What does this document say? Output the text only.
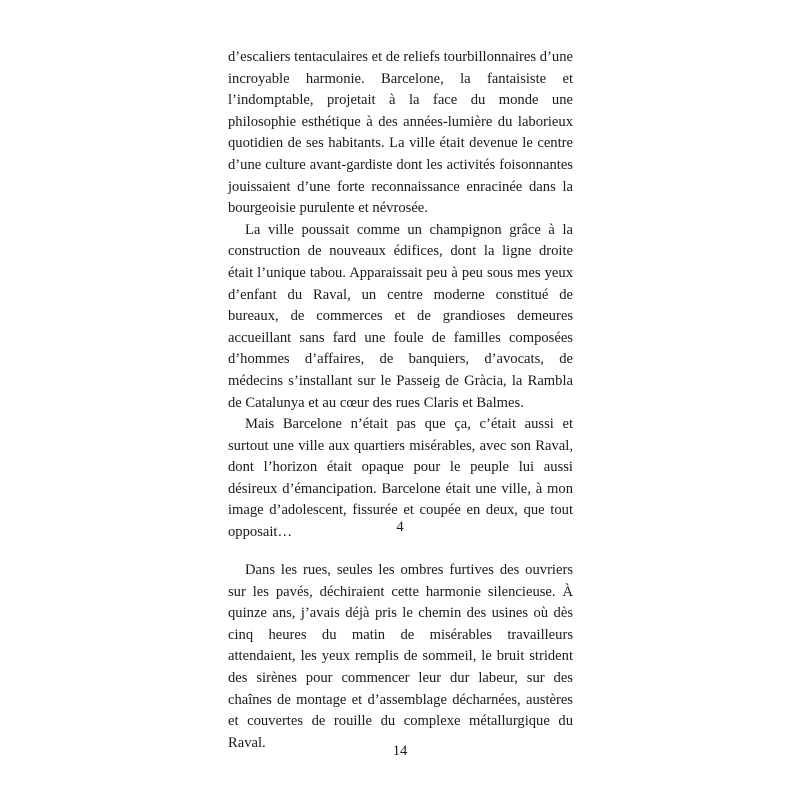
d’escaliers tentaculaires et de reliefs tourbillonnaires d’une incroyable harmonie. Barcelone, la fantaisiste et l’indomptable, projetait à la face du monde une philosophie esthétique à des années-lumière du laborieux quotidien de ses habitants. La ville était devenue le centre d’une culture avant-gardiste dont les activités foisonnantes jouissaient d’une forte reconnaissance enracinée dans la bourgeoisie purulente et névrosée.

La ville poussait comme un champignon grâce à la construction de nouveaux édifices, dont la ligne droite était l’unique tabou. Apparaissait peu à peu sous mes yeux d’enfant du Raval, un centre moderne constitué de bureaux, de commerces et de grandioses demeures accueillant sans fard une foule de familles composées d’hommes d’affaires, de banquiers, d’avocats, de médecins s’installant sur le Passeig de Gràcia, la Rambla de Catalunya et au cœur des rues Claris et Balmes.

Mais Barcelone n’était pas que ça, c’était aussi et surtout une ville aux quartiers misérables, avec son Raval, dont l’horizon était opaque pour le peuple lui aussi désireux d’émancipation. Barcelone était une ville, à mon image d’adolescent, fissurée et coupée en deux, que tout opposait…	4

Dans les rues, seules les ombres furtives des ouvriers sur les pavés, déchiraient cette harmonie silencieuse. À quinze ans, j’avais déjà pris le chemin des usines où dès cinq heures du matin de misérables travailleurs attendaient, les yeux remplis de sommeil, le bruit strident des sirènes pour commencer leur dur labeur, sur des chaînes de montage et d’assemblage décharnées, austères et couvertes de rouille du complexe métallurgique du Raval.

14
